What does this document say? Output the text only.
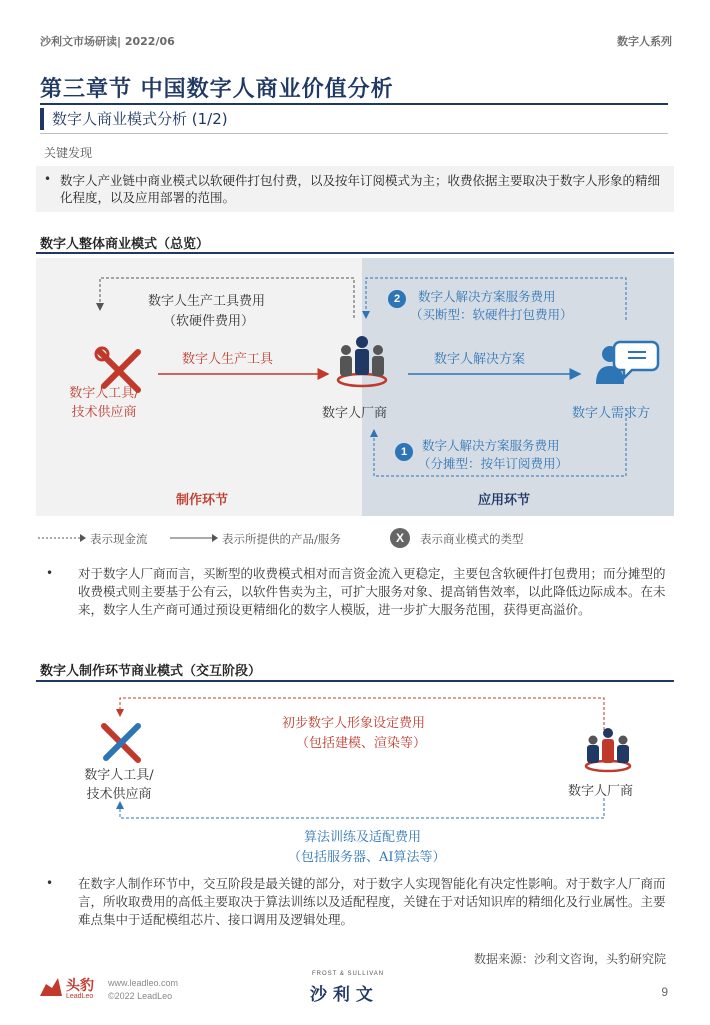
沙利文市场研读| 2022/06	数字人系列
第三章节 中国数字人商业价值分析
数字人商业模式分析 (1/2)
关键发现
• 数字人产业链中商业模式以软硬件打包付费，以及按年订阅模式为主；收费依据主要取决于数字人形象的精细化程度，以及应用部署的范围。
数字人整体商业模式（总览）
数字人生产工具费用
（软硬件费用）
数字人生产工具
数字人工具/
技术供应商	数字人厂商
2	数字人解决方案服务费用
（买断型：软硬件打包费用）
数字人解决方案
数字人需求方
1	数字人解决方案服务费用
（分摊型：按年订阅费用）
制作环节	应用环节
表示现金流	表示所提供的产品/服务	X	表示商业模式的类型
• 对于数字人厂商而言，买断型的收费模式相对而言资金流入更稳定，主要包含软硬件打包费用；而分摊型的收费模式则主要基于公有云，以软件售卖为主，可扩大服务对象、提高销售效率，以此降低边际成本。在未来，数字人生产商可通过预设更精细化的数字人模版，进一步扩大服务范围，获得更高溢价。
数字人制作环节商业模式（交互阶段）
初步数字人形象设定费用
（包括建模、渲染等）
数字人工具/
技术供应商	数字人厂商
算法训练及适配费用
（包括服务器、AI算法等）
• 在数字人制作环节中，交互阶段是最关键的部分，对于数字人实现智能化有决定性影响。对于数字人厂商而言，所收取费用的高低主要取决于算法训练以及适配程度，关键在于对话知识库的精细化及行业属性。主要难点集中于适配模组芯片、接口调用及逻辑处理。
数据来源：沙利文咨询，头豹研究院
头豹
LeadLeo
www.leadleo.com
©2022 LeadLeo
FROST & SULLIVAN
沙 利 文	9
